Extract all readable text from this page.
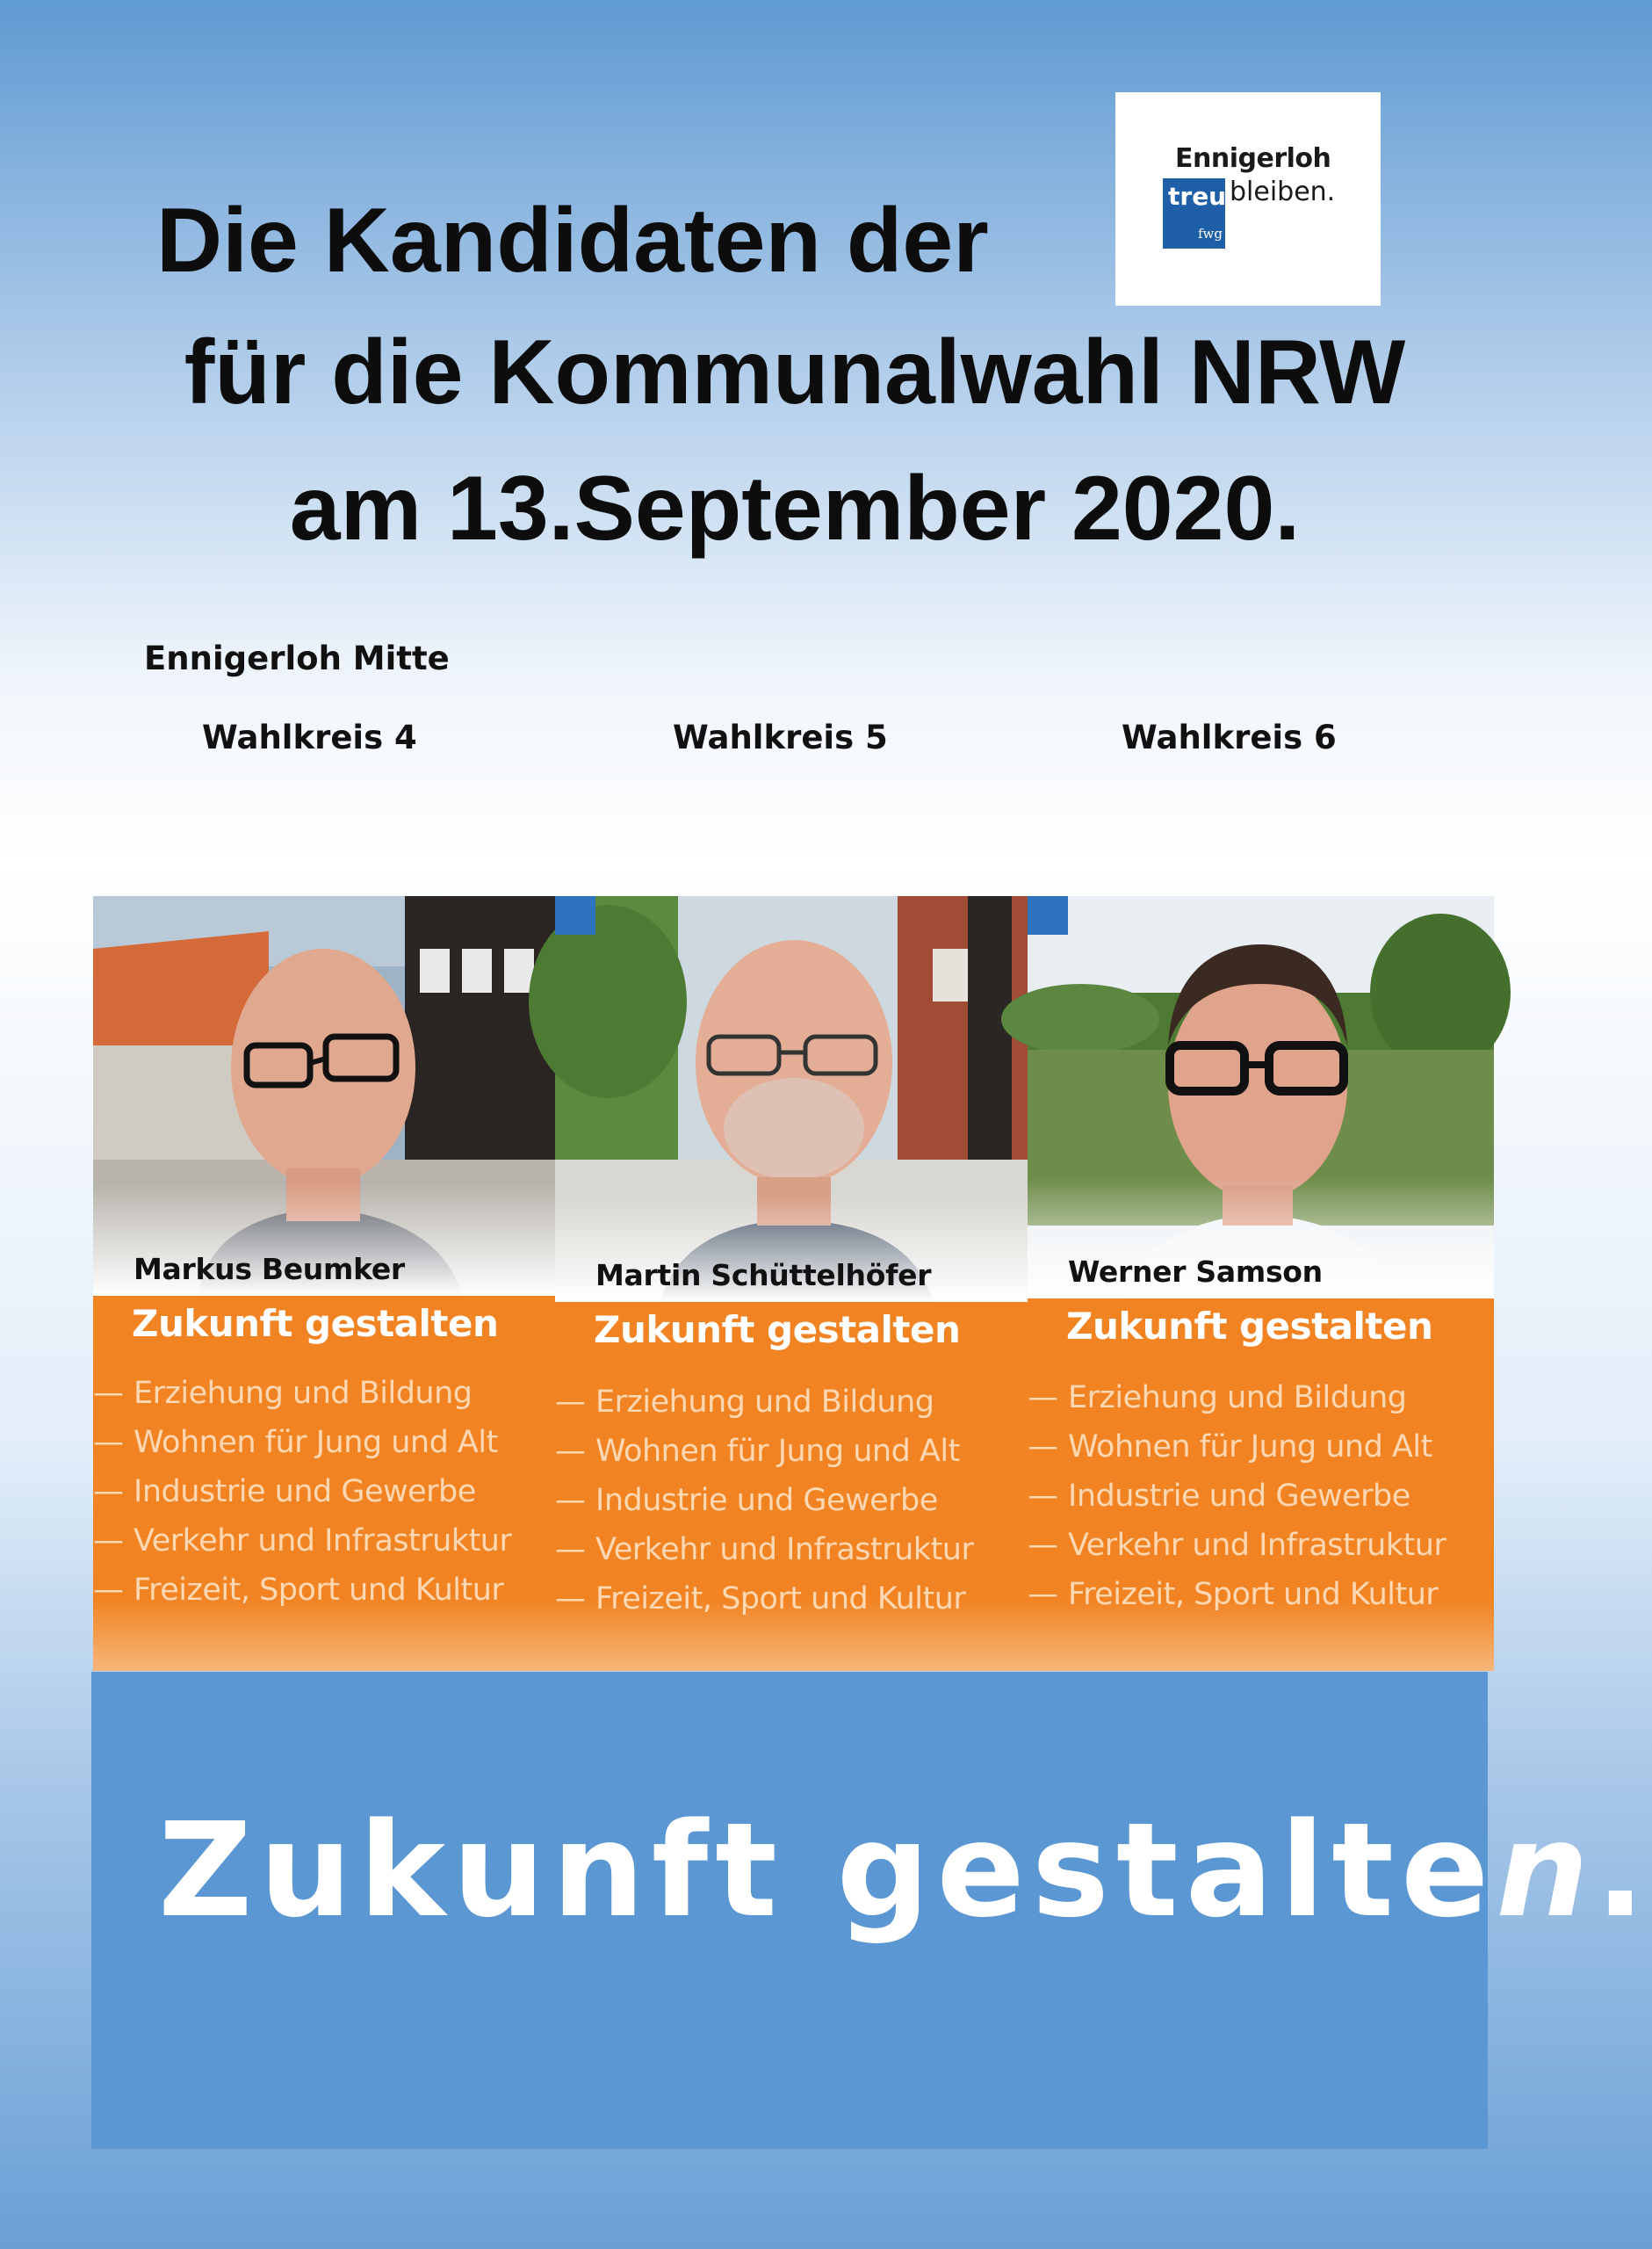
Die Kandidaten der
für die Kommunalwahl NRW
am 13.September 2020.
Ennigerloh
treu
fwg
bleiben.
Ennigerloh Mitte
Wahlkreis 4	Wahlkreis 5	Wahlkreis 6
Markus Beumker
Zukunft gestalten
— Erziehung und Bildung
— Wohnen für Jung und Alt
— Industrie und Gewerbe
— Verkehr und Infrastruktur
— Freizeit, Sport und Kultur
Martin Schüttelhöfer
Zukunft gestalten
— Erziehung und Bildung
— Wohnen für Jung und Alt
— Industrie und Gewerbe
— Verkehr und Infrastruktur
— Freizeit, Sport und Kultur
Werner Samson
Zukunft gestalten
— Erziehung und Bildung
— Wohnen für Jung und Alt
— Industrie und Gewerbe
— Verkehr und Infrastruktur
— Freizeit, Sport und Kultur
Zukunft gestalten.
